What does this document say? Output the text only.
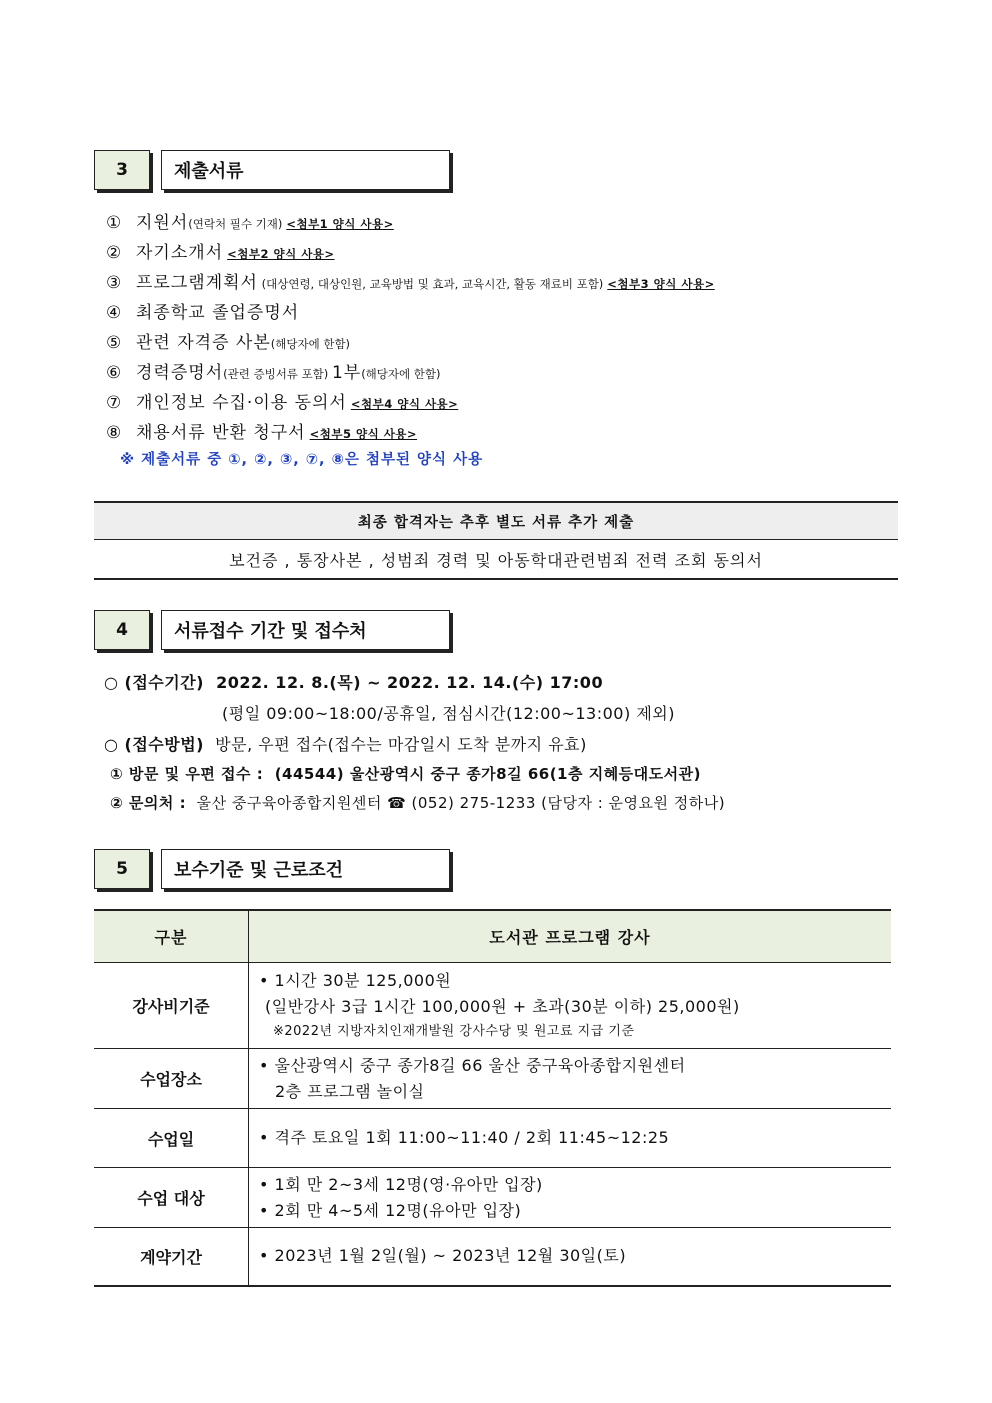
3	제출서류
① 지원서(연락처 필수 기재) <첨부1 양식 사용>
② 자기소개서 <첨부2 양식 사용>
③ 프로그램계획서 (대상연령, 대상인원, 교육방법 및 효과, 교육시간, 활동 재료비 포함) <첨부3 양식 사용>
④ 최종학교 졸업증명서
⑤ 관련 자격증 사본(해당자에 한함)
⑥ 경력증명서(관련 증빙서류 포함) 1부(해당자에 한함)
⑦ 개인정보 수집·이용 동의서 <첨부4 양식 사용>
⑧ 채용서류 반환 청구서 <첨부5 양식 사용>
※ 제출서류 중 ①, ②, ③, ⑦, ⑧은 첨부된 양식 사용
최종 합격자는 추후 별도 서류 추가 제출
보건증 , 통장사본 , 성범죄 경력 및 아동학대관련범죄 전력 조회 동의서
4	서류접수 기간 및 접수처
○ (접수기간) 2022. 12. 8.(목) ~ 2022. 12. 14.(수) 17:00
(평일 09:00~18:00/공휴일, 점심시간(12:00~13:00) 제외)
○ (접수방법) 방문, 우편 접수(접수는 마감일시 도착 분까지 유효)
① 방문 및 우편 접수 : (44544) 울산광역시 중구 종가8길 66(1층 지혜등대도서관)
② 문의처 : 울산 중구육아종합지원센터 ☎ (052) 275-1233 (담당자 : 운영요원 정하나)
5	보수기준 및 근로조건
구분	도서관 프로그램 강사
강사비기준	• 1시간 30분 125,000원
(일반강사 3급 1시간 100,000원 + 초과(30분 이하) 25,000원)
※2022년 지방자치인재개발원 강사수당 및 원고료 지급 기준

수업장소	• 울산광역시 중구 종가8길 66 울산 중구육아종합지원센터
2층 프로그램 놀이실

수업일	• 격주 토요일 1회 11:00~11:40 / 2회 11:45~12:25

수업 대상	• 1회 만 2~3세 12명(영·유아만 입장)
• 2회 만 4~5세 12명(유아만 입장)

계약기간	• 2023년 1월 2일(월) ~ 2023년 12월 30일(토)
